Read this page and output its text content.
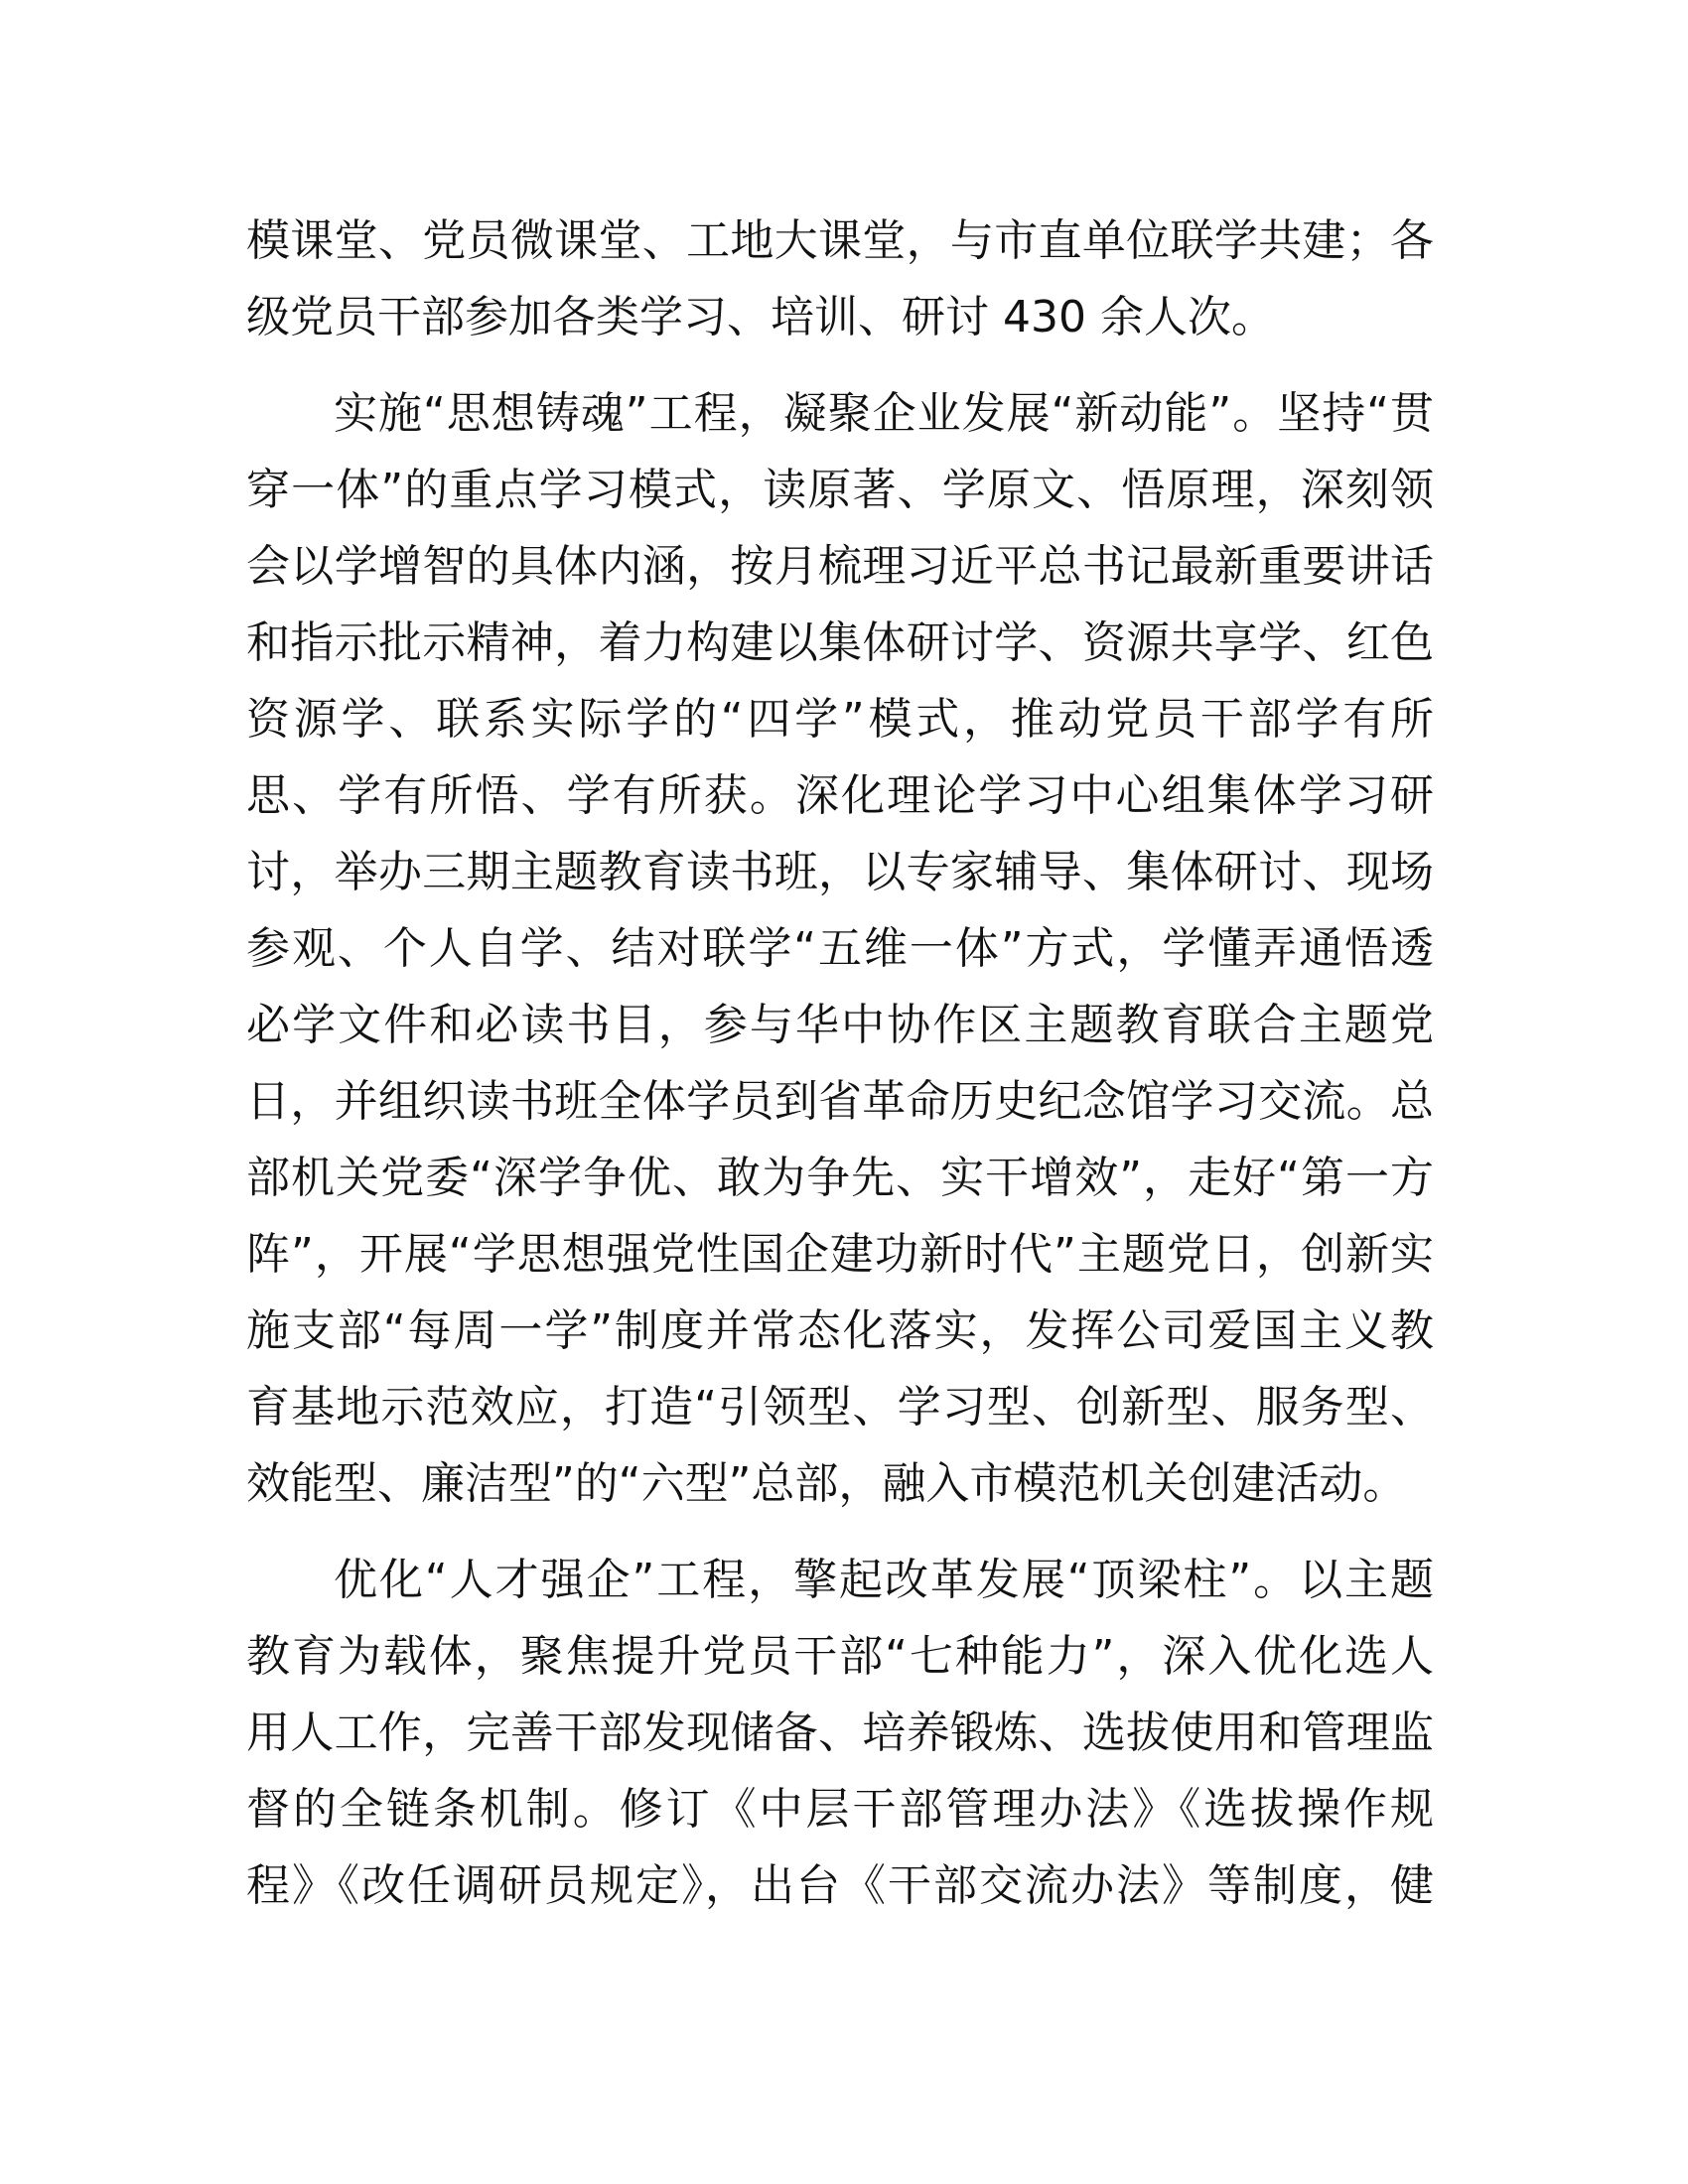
模课堂、党员微课堂、工地大课堂，与市直单位联学共建；各
级党员干部参加各类学习、培训、研讨 430 余人次。
实施“思想铸魂”工程，凝聚企业发展“新动能”。坚持“贯
穿一体”的重点学习模式，读原著、学原文、悟原理，深刻领
会以学增智的具体内涵，按月梳理习近平总书记最新重要讲话
和指示批示精神，着力构建以集体研讨学、资源共享学、红色
资源学、联系实际学的“四学”模式，推动党员干部学有所
思、学有所悟、学有所获。深化理论学习中心组集体学习研
讨，举办三期主题教育读书班，以专家辅导、集体研讨、现场
参观、个人自学、结对联学“五维一体”方式，学懂弄通悟透
必学文件和必读书目，参与华中协作区主题教育联合主题党
日，并组织读书班全体学员到省革命历史纪念馆学习交流。总
部机关党委“深学争优、敢为争先、实干增效”，走好“第一方
阵”，开展“学思想强党性国企建功新时代”主题党日，创新实
施支部“每周一学”制度并常态化落实，发挥公司爱国主义教
育基地示范效应，打造“引领型、学习型、创新型、服务型、
效能型、廉洁型”的“六型”总部，融入市模范机关创建活动。
优化“人才强企”工程，擎起改革发展“顶梁柱”。以主题
教育为载体，聚焦提升党员干部“七种能力”，深入优化选人
用人工作，完善干部发现储备、培养锻炼、选拔使用和管理监
督的全链条机制。修订《中层干部管理办法》《选拔操作规
程》《改任调研员规定》，出台《干部交流办法》等制度，健
